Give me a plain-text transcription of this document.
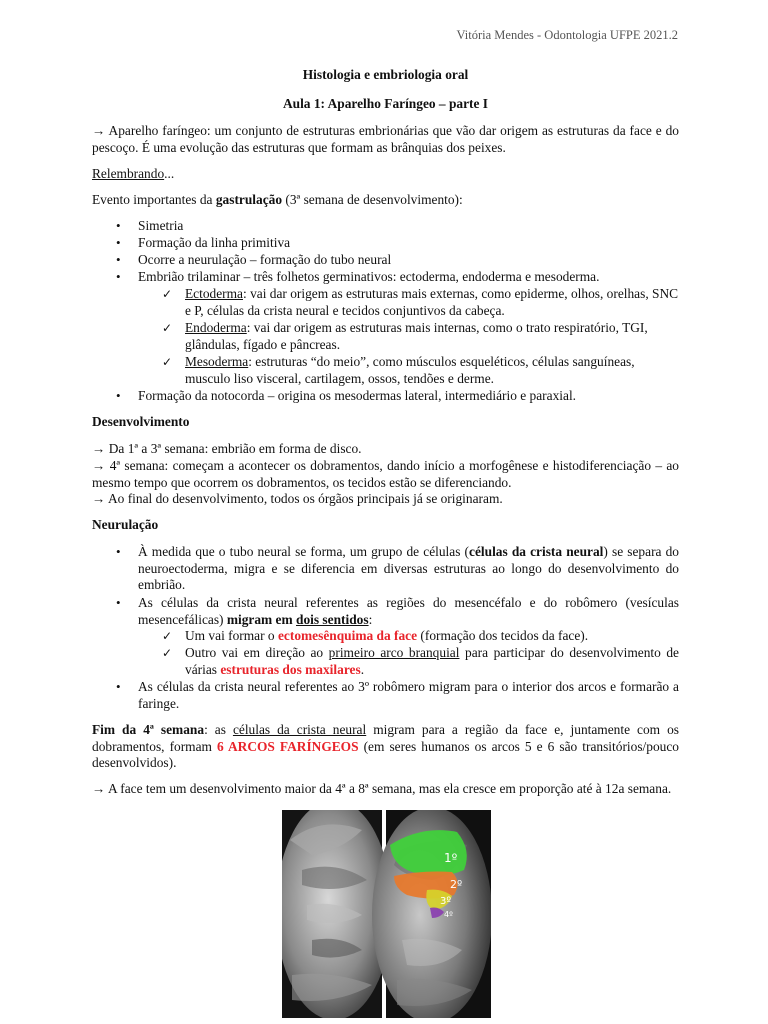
Vitória Mendes - Odontologia UFPE 2021.2
Histologia e embriologia oral
Aula 1: Aparelho Faríngeo – parte I
→ Aparelho faríngeo: um conjunto de estruturas embrionárias que vão dar origem as estruturas da face e do pescoço. É uma evolução das estruturas que formam as brânquias dos peixes.
Relembrando...
Evento importantes da gastrulação (3ª semana de desenvolvimento):
• Simetria
• Formação da linha primitiva
• Ocorre a neurulação – formação do tubo neural
• Embrião trilaminar – três folhetos germinativos: ectoderma, endoderma e mesoderma.
✓ Ectoderma: vai dar origem as estruturas mais externas, como epiderme, olhos, orelhas, SNC e P, células da crista neural e tecidos conjuntivos da cabeça.
✓ Endoderma: vai dar origem as estruturas mais internas, como o trato respiratório, TGI, glândulas, fígado e pâncreas.
✓ Mesoderma: estruturas “do meio”, como músculos esqueléticos, células sanguíneas, musculo liso visceral, cartilagem, ossos, tendões e derme.
• Formação da notocorda – origina os mesodermas lateral, intermediário e paraxial.
Desenvolvimento
→ Da 1ª a 3ª semana: embrião em forma de disco.
→ 4ª semana: começam a acontecer os dobramentos, dando início a morfogênese e histodiferenciação – ao mesmo tempo que ocorrem os dobramentos, os tecidos estão se diferenciando.
→ Ao final do desenvolvimento, todos os órgãos principais já se originaram.
Neurulação
• À medida que o tubo neural se forma, um grupo de células (células da crista neural) se separa do neuroectoderma, migra e se diferencia em diversas estruturas ao longo do desenvolvimento do embrião.
• As células da crista neural referentes as regiões do mesencéfalo e do robômero (vesículas mesencefálicas) migram em dois sentidos:
✓ Um vai formar o ectomesênquima da face (formação dos tecidos da face).
✓ Outro vai em direção ao primeiro arco branquial para participar do desenvolvimento de várias estruturas dos maxilares.
• As células da crista neural referentes ao 3º robômero migram para o interior dos arcos e formarão a faringe.
Fim da 4ª semana: as células da crista neural migram para a região da face e, juntamente com os dobramentos, formam 6 ARCOS FARÍNGEOS (em seres humanos os arcos 5 e 6 são transitórios/pouco desenvolvidos).
→ A face tem um desenvolvimento maior da 4ª a 8ª semana, mas ela cresce em proporção até à 12a semana.
1º
2º
3º
4º
